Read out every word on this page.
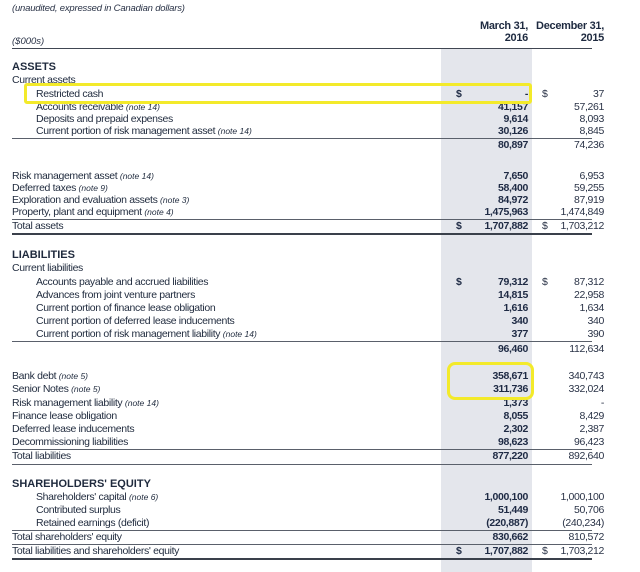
(unaudited, expressed in Canadian dollars)
($000s)
March 31,
2016
December 31,
2015
ASSETS
Current assets
Restricted cash	$	- $	37
Accounts receivable (note 14)	41,157	57,261
Deposits and prepaid expenses	9,614	8,093
Current portion of risk management asset (note 14)	30,126	8,845
80,897	74,236
Risk management asset (note 14)	7,650	6,953
Deferred taxes (note 9)	58,400	59,255
Exploration and evaluation assets (note 3)	84,972	87,919
Property, plant and equipment (note 4)	1,475,963	1,474,849
Total assets	$	1,707,882 $	1,703,212
LIABILITIES
Current liabilities
Accounts payable and accrued liabilities	$	79,312 $	87,312
Advances from joint venture partners	14,815	22,958
Current portion of finance lease obligation	1,616	1,634
Current portion of deferred lease inducements	340	340
Current portion of risk management liability (note 14)	377	390
96,460	112,634
Bank debt (note 5)	358,671	340,743
Senior Notes (note 5)	311,736	332,024
Risk management liability (note 14)	1,373	-
Finance lease obligation	8,055	8,429
Deferred lease inducements	2,302	2,387
Decommissioning liabilities	98,623	96,423
Total liabilities	877,220	892,640
SHAREHOLDERS' EQUITY
Shareholders' capital (note 6)	1,000,100	1,000,100
Contributed surplus	51,449	50,706
Retained earnings (deficit)	(220,887)	(240,234)
Total shareholders' equity	830,662	810,572
Total liabilities and shareholders' equity	$	1,707,882 $	1,703,212
